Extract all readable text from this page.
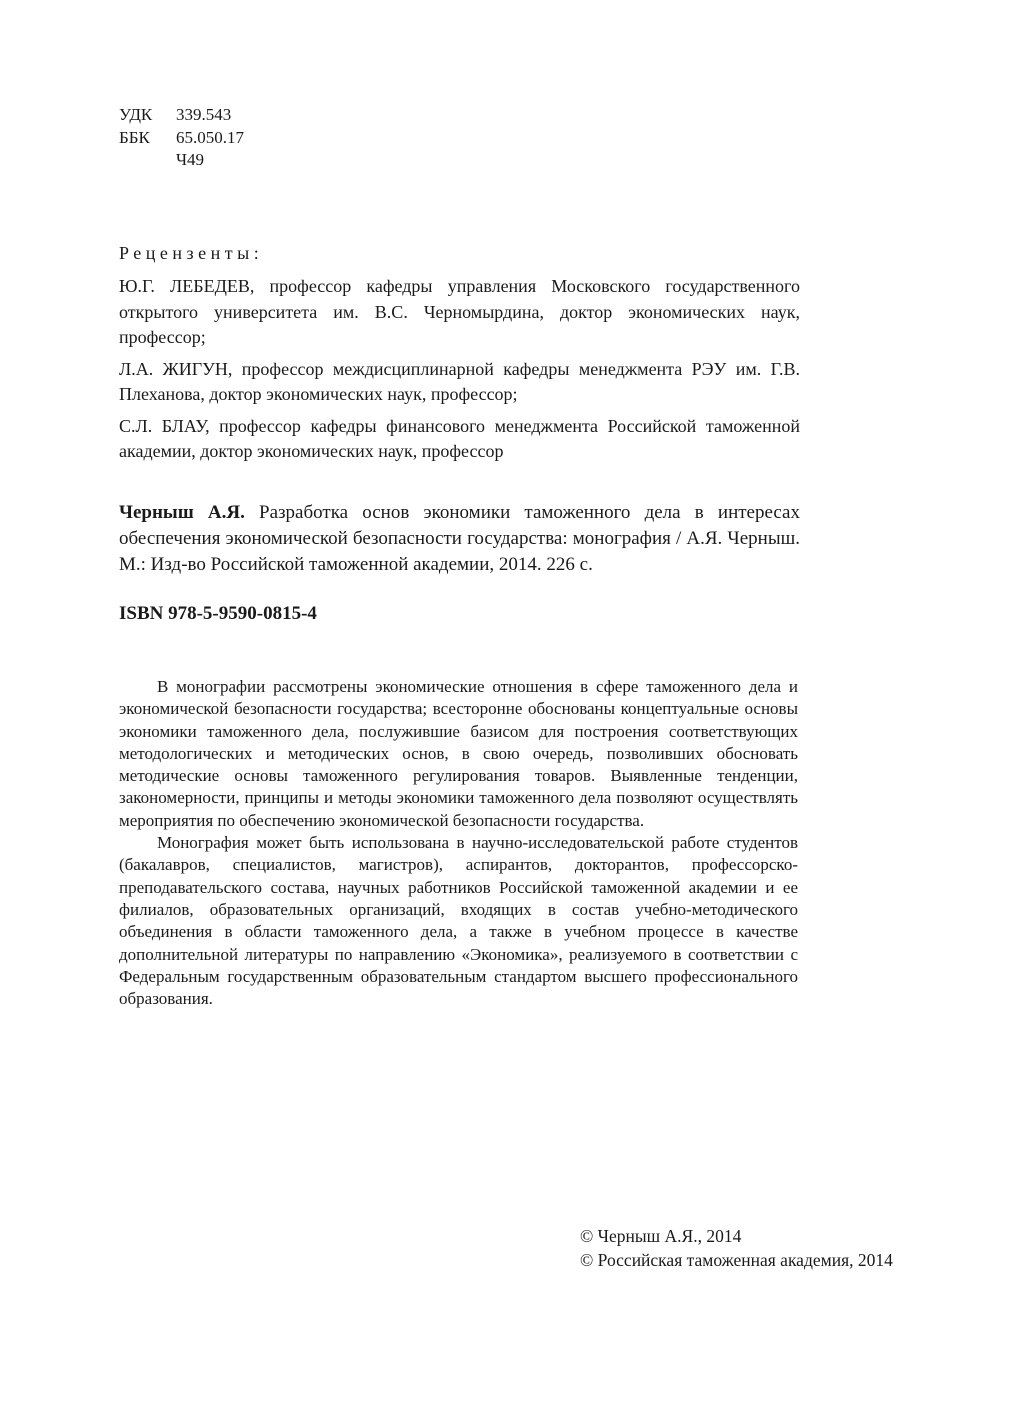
УДК	339.543
ББК	65.050.17
Ч49
Рецензенты:

Ю.Г. ЛЕБЕДЕВ, профессор кафедры управления Московского государственного открытого университета им. В.С. Черномырдина, доктор экономических наук, профессор;

Л.А. ЖИГУН, профессор междисциплинарной кафедры менеджмента РЭУ им. Г.В. Плеханова, доктор экономических наук, профессор;

С.Л. БЛАУ, профессор кафедры финансового менеджмента Российской таможенной академии, доктор экономических наук, профессор

Черныш А.Я. Разработка основ экономики таможенного дела в интересах обеспечения экономической безопасности государства: монография / А.Я. Черныш. М.: Изд-во Российской таможенной академии, 2014. 226 с.

ISBN 978-5-9590-0815-4

В монографии рассмотрены экономические отношения в сфере таможенного дела и экономической безопасности государства; всесторонне обоснованы концептуальные основы экономики таможенного дела, послужившие базисом для построения соответствующих методологических и методических основ, в свою очередь, позволивших обосновать методические основы таможенного регулирования товаров. Выявленные тенденции, закономерности, принципы и методы экономики таможенного дела позволяют осуществлять мероприятия по обеспечению экономической безопасности государства.

Монография может быть использована в научно-исследовательской работе студентов (бакалавров, специалистов, магистров), аспирантов, докторантов, профессорско-преподавательского состава, научных работников Российской таможенной академии и ее филиалов, образовательных организаций, входящих в состав учебно-методического объединения в области таможенного дела, а также в учебном процессе в качестве дополнительной литературы по направлению «Экономика», реализуемого в соответствии с Федеральным государственным образовательным стандартом высшего профессионального образования.

© Черныш А.Я., 2014
© Российская таможенная академия, 2014
